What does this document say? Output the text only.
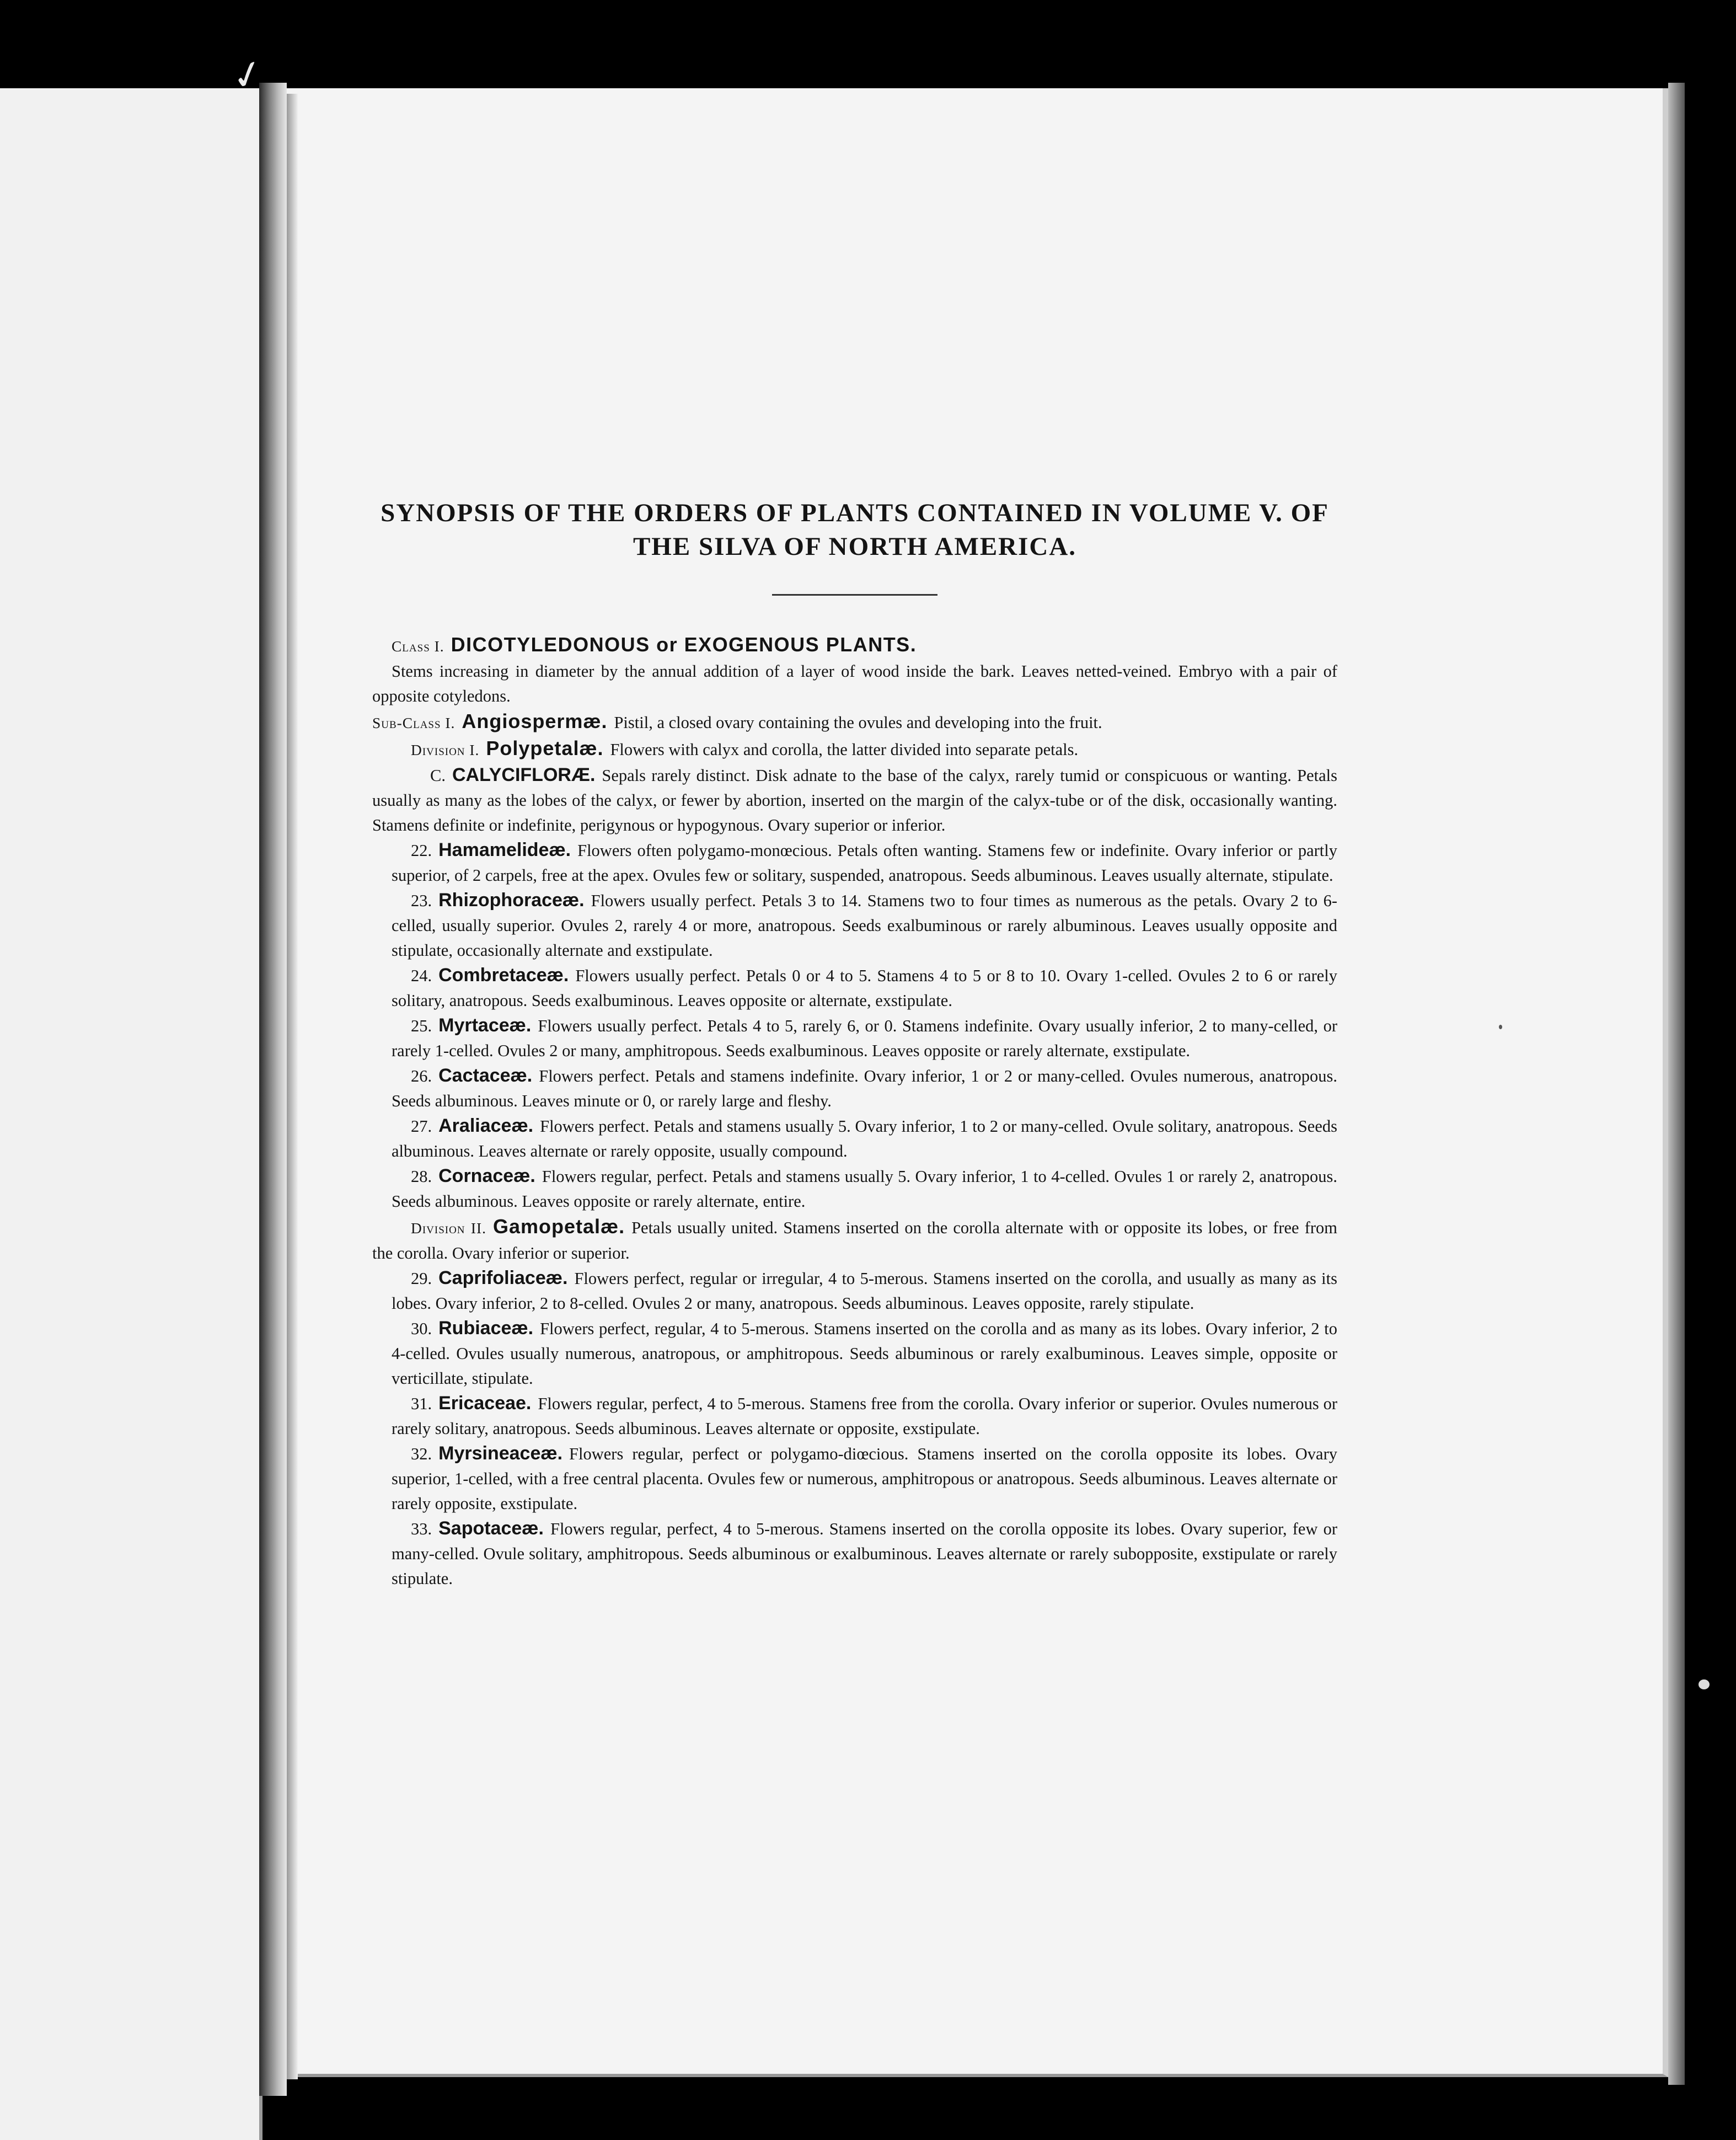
✓
SYNOPSIS OF THE ORDERS OF PLANTS CONTAINED IN VOLUME V. OF
THE SILVA OF NORTH AMERICA.

Class I. DICOTYLEDONOUS or EXOGENOUS PLANTS.

Stems increasing in diameter by the annual addition of a layer of wood inside the bark. Leaves netted-veined. Embryo with a pair of opposite cotyledons.

Sub-Class I. Angiospermæ. Pistil, a closed ovary containing the ovules and developing into the fruit.

Division I. Polypetalæ. Flowers with calyx and corolla, the latter divided into separate petals.

C. CALYCIFLORÆ. Sepals rarely distinct. Disk adnate to the base of the calyx, rarely tumid or conspicuous or wanting. Petals usually as many as the lobes of the calyx, or fewer by abortion, inserted on the margin of the calyx-tube or of the disk, occasionally wanting. Stamens definite or indefinite, perigynous or hypogynous. Ovary superior or inferior.

22. Hamamelideæ. Flowers often polygamo-monœcious. Petals often wanting. Stamens few or indefinite. Ovary inferior or partly superior, of 2 carpels, free at the apex. Ovules few or solitary, suspended, anatropous. Seeds albuminous. Leaves usually alternate, stipulate.

23. Rhizophoraceæ. Flowers usually perfect. Petals 3 to 14. Stamens two to four times as numerous as the petals. Ovary 2 to 6-celled, usually superior. Ovules 2, rarely 4 or more, anatropous. Seeds exalbuminous or rarely albuminous. Leaves usually opposite and stipulate, occasionally alternate and exstipulate.

24. Combretaceæ. Flowers usually perfect. Petals 0 or 4 to 5. Stamens 4 to 5 or 8 to 10. Ovary 1-celled. Ovules 2 to 6 or rarely solitary, anatropous. Seeds exalbuminous. Leaves opposite or alternate, exstipulate.

25. Myrtaceæ. Flowers usually perfect. Petals 4 to 5, rarely 6, or 0. Stamens indefinite. Ovary usually inferior, 2 to many-celled, or rarely 1-celled. Ovules 2 or many, amphitropous. Seeds exalbuminous. Leaves opposite or rarely alternate, exstipulate.

26. Cactaceæ. Flowers perfect. Petals and stamens indefinite. Ovary inferior, 1 or 2 or many-celled. Ovules numerous, anatropous. Seeds albuminous. Leaves minute or 0, or rarely large and fleshy.

27. Araliaceæ. Flowers perfect. Petals and stamens usually 5. Ovary inferior, 1 to 2 or many-celled. Ovule solitary, anatropous. Seeds albuminous. Leaves alternate or rarely opposite, usually compound.

28. Cornaceæ. Flowers regular, perfect. Petals and stamens usually 5. Ovary inferior, 1 to 4-celled. Ovules 1 or rarely 2, anatropous. Seeds albuminous. Leaves opposite or rarely alternate, entire.

Division II. Gamopetalæ. Petals usually united. Stamens inserted on the corolla alternate with or opposite its lobes, or free from the corolla. Ovary inferior or superior.

29. Caprifoliaceæ. Flowers perfect, regular or irregular, 4 to 5-merous. Stamens inserted on the corolla, and usually as many as its lobes. Ovary inferior, 2 to 8-celled. Ovules 2 or many, anatropous. Seeds albuminous. Leaves opposite, rarely stipulate.

30. Rubiaceæ. Flowers perfect, regular, 4 to 5-merous. Stamens inserted on the corolla and as many as its lobes. Ovary inferior, 2 to 4-celled. Ovules usually numerous, anatropous, or amphitropous. Seeds albuminous or rarely exalbuminous. Leaves simple, opposite or verticillate, stipulate.

31. Ericaceae. Flowers regular, perfect, 4 to 5-merous. Stamens free from the corolla. Ovary inferior or superior. Ovules numerous or rarely solitary, anatropous. Seeds albuminous. Leaves alternate or opposite, exstipulate.

32. Myrsineaceæ. Flowers regular, perfect or polygamo-diœcious. Stamens inserted on the corolla opposite its lobes. Ovary superior, 1-celled, with a free central placenta. Ovules few or numerous, amphitropous or anatropous. Seeds albuminous. Leaves alternate or rarely opposite, exstipulate.

33. Sapotaceæ. Flowers regular, perfect, 4 to 5-merous. Stamens inserted on the corolla opposite its lobes. Ovary superior, few or many-celled. Ovule solitary, amphitropous. Seeds albuminous or exalbuminous. Leaves alternate or rarely subopposite, exstipulate or rarely stipulate.
